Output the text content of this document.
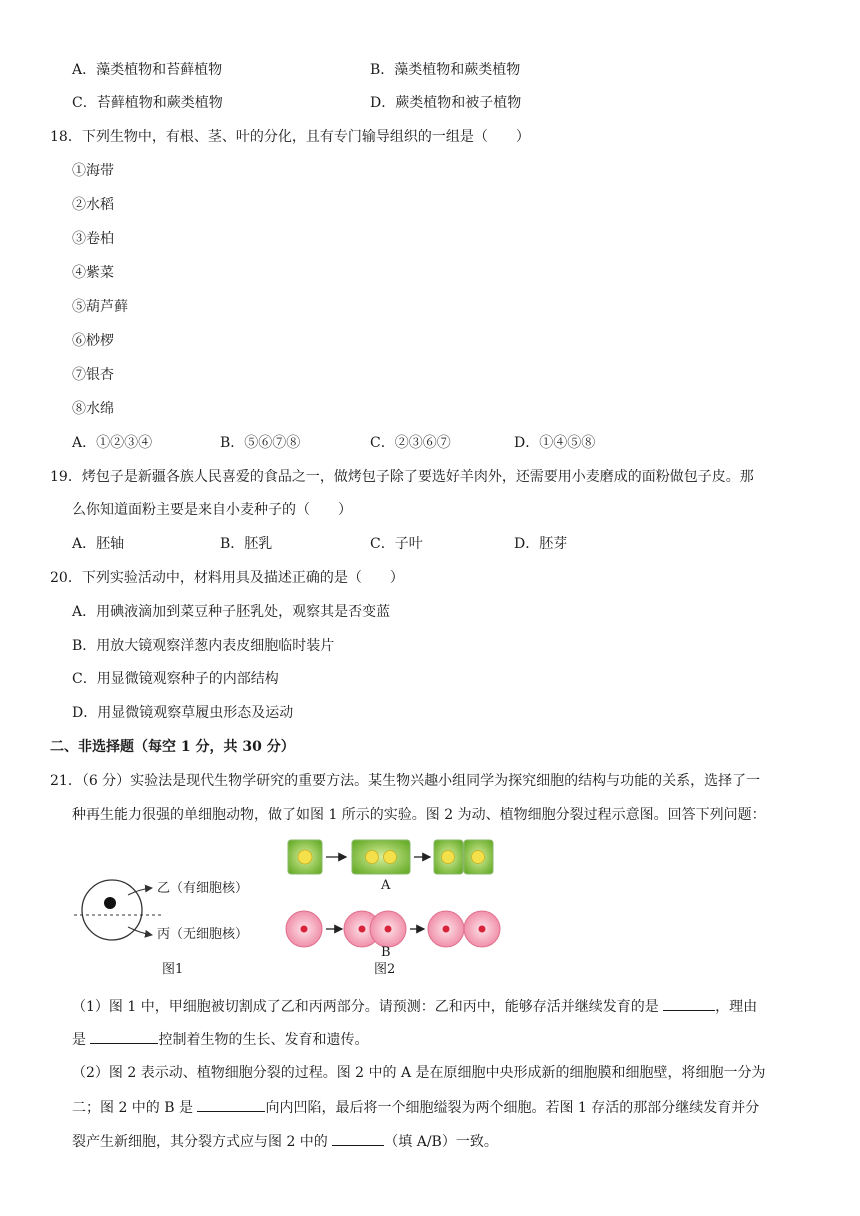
A．藻类植物和苔藓植物	B．藻类植物和蕨类植物
C．苔藓植物和蕨类植物	D．蕨类植物和被子植物
18．下列生物中，有根、茎、叶的分化，且有专门输导组织的一组是（　　）
①海带
②水稻
③卷柏
④紫菜
⑤葫芦藓
⑥桫椤
⑦银杏
⑧水绵
A．①②③④	B．⑤⑥⑦⑧	C．②③⑥⑦	D．①④⑤⑧
19．烤包子是新疆各族人民喜爱的食品之一，做烤包子除了要选好羊肉外，还需要用小麦磨成的面粉做包子皮。那
么你知道面粉主要是来自小麦种子的（　　）
A．胚轴	B．胚乳	C．子叶	D．胚芽
20．下列实验活动中，材料用具及描述正确的是（　　）
A．用碘液滴加到菜豆种子胚乳处，观察其是否变蓝
B．用放大镜观察洋葱内表皮细胞临时装片
C．用显微镜观察种子的内部结构
D．用显微镜观察草履虫形态及运动
二、非选择题（每空 1 分，共 30 分）
21．（6 分）实验法是现代生物学研究的重要方法。某生物兴趣小组同学为探究细胞的结构与功能的关系，选择了一
种再生能力很强的单细胞动物，做了如图 1 所示的实验。图 2 为动、植物细胞分裂过程示意图。回答下列问题：
乙（有细胞核）
丙（无细胞核）
图1
A
B
图2
（1）图 1 中，甲细胞被切割成了乙和丙两部分。请预测：乙和丙中，能够存活并继续发育的是	，理由
是	控制着生物的生长、发育和遗传。
（2）图 2 表示动、植物细胞分裂的过程。图 2 中的 A 是在原细胞中央形成新的细胞膜和细胞壁，将细胞一分为
二；图 2 中的 B 是	向内凹陷，最后将一个细胞缢裂为两个细胞。若图 1 存活的那部分继续发育并分
裂产生新细胞，其分裂方式应与图 2 中的	（填 A/B）一致。
